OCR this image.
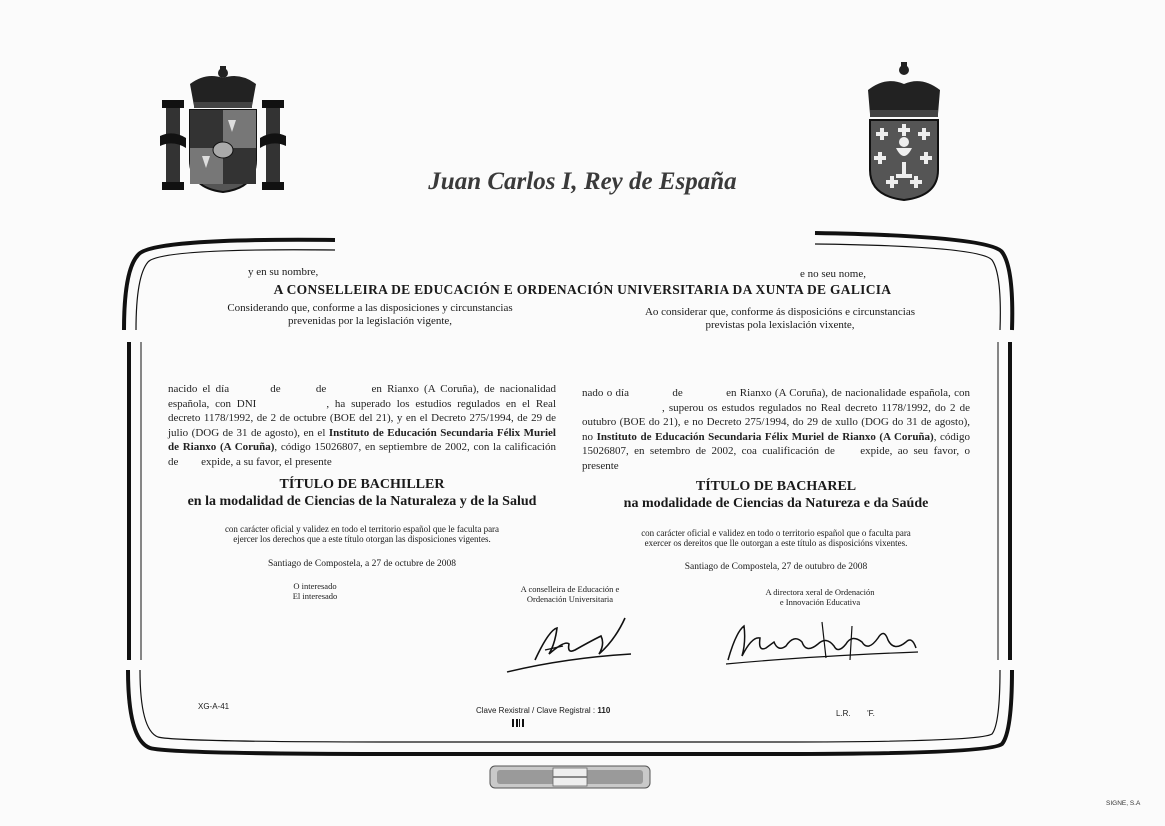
Juan Carlos I, Rey de España
y en su nombre,	e no seu nome,
A CONSELLEIRA DE EDUCACIÓN E ORDENACIÓN UNIVERSITARIA DA XUNTA DE GALICIA
Considerando que, conforme a las disposiciones y circunstancias
prevenidas por la legislación vigente,
Ao considerar que, conforme ás disposicións e circunstancias
previstas pola lexislación vixente,
nacido el día	de	de	en Rianxo (A Coruña), de nacionalidad española, con DNI	, ha superado los estudios regulados en el Real decreto 1178/1992, de 2 de octubre (BOE del 21), y en el Decreto 275/1994, de 29 de julio (DOG de 31 de agosto), en el Instituto de Educación Secundaria Félix Muriel de Rianxo (A Coruña), código 15026807, en septiembre de 2002, con la calificación de expide, a su favor, el presente
TÍTULO DE BACHILLER
en la modalidad de Ciencias de la Naturaleza y de la Salud
con carácter oficial y validez en todo el territorio español que le faculta para
ejercer los derechos que a este título otorgan las disposiciones vigentes.
Santiago de Compostela, a 27 de octubre de 2008
nado o día	de	en Rianxo (A Coruña), de nacionalidade española, con, superou os estudos regulados no Real decreto 1178/1992, do 2 de outubro (BOE do 21), e no Decreto 275/1994, do 29 de xullo (DOG do 31 de agosto), no Instituto de Educación Secundaria Félix Muriel de Rianxo (A Coruña), código 15026807, en setembro de 2002, coa cualificación de expide, ao seu favor, o presente
TÍTULO DE BACHAREL
na modalidade de Ciencias da Natureza e da Saúde
con carácter oficial e validez en todo o territorio español que o faculta para
exercer os dereitos que lle outorgan a este título as disposicións vixentes.
Santiago de Compostela, 27 de outubro de 2008
O interesado
El interesado
A conselleira de Educación e
Ordenación Universitaria
A directora xeral de Ordenación
e Innovación Educativa
XG-A-41	Clave Rexistral / Clave Registral : 110	L.R. 'F.
SIGNE, S.A
